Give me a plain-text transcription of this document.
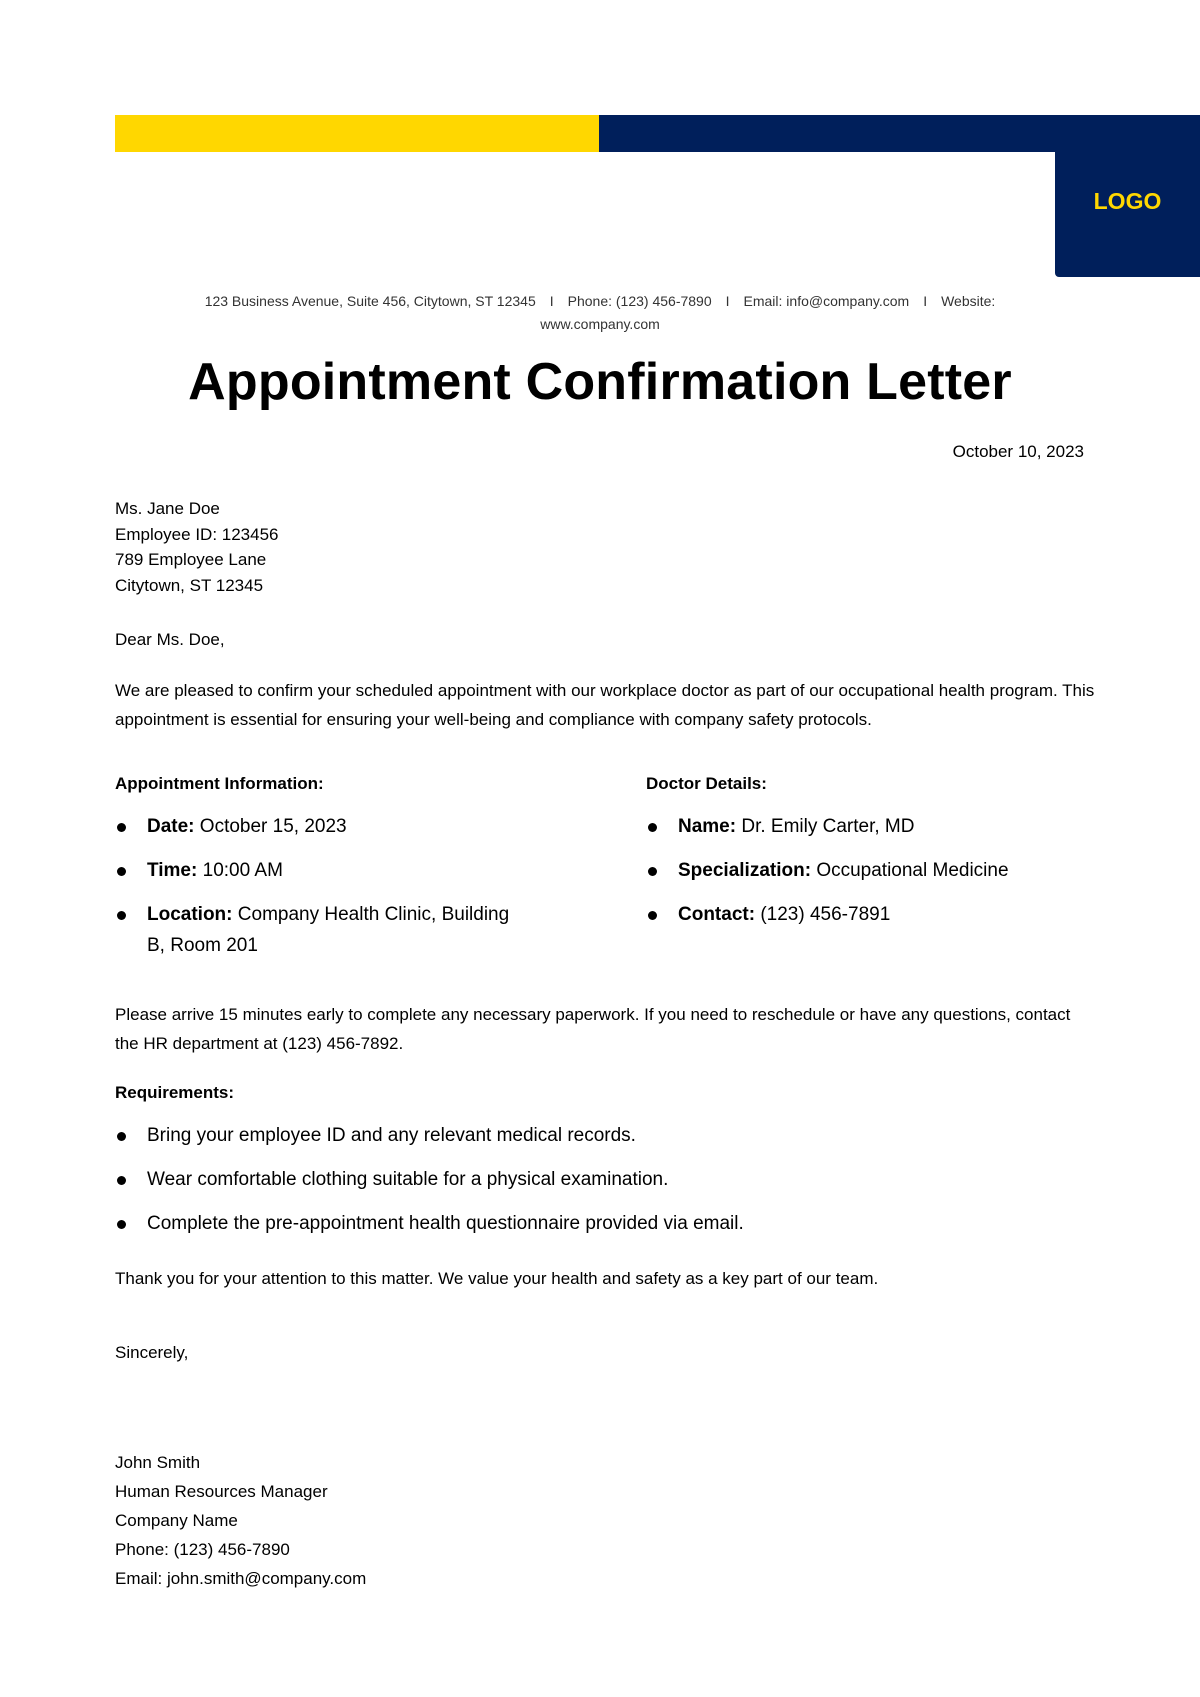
LOGO
123 Business Avenue, Suite 456, Citytown, ST 12345 I Phone: (123) 456-7890 I Email: info@company.com I Website:
www.company.com
Appointment Confirmation Letter
October 10, 2023
Ms. Jane Doe
Employee ID: 123456
789 Employee Lane
Citytown, ST 12345
Dear Ms. Doe,
We are pleased to confirm your scheduled appointment with our workplace doctor as part of our occupational health program. This appointment is essential for ensuring your well-being and compliance with company safety protocols.
Appointment Information:
Date: October 15, 2023
Time: 10:00 AM
Location: Company Health Clinic, Building B, Room 201
Doctor Details:
Name: Dr. Emily Carter, MD
Specialization: Occupational Medicine
Contact: (123) 456-7891
Please arrive 15 minutes early to complete any necessary paperwork. If you need to reschedule or have any questions, contact the HR department at (123) 456-7892.
Requirements:
Bring your employee ID and any relevant medical records.
Wear comfortable clothing suitable for a physical examination.
Complete the pre-appointment health questionnaire provided via email.
Thank you for your attention to this matter. We value your health and safety as a key part of our team.
Sincerely,
John Smith
Human Resources Manager
Company Name
Phone: (123) 456-7890
Email: john.smith@company.com
